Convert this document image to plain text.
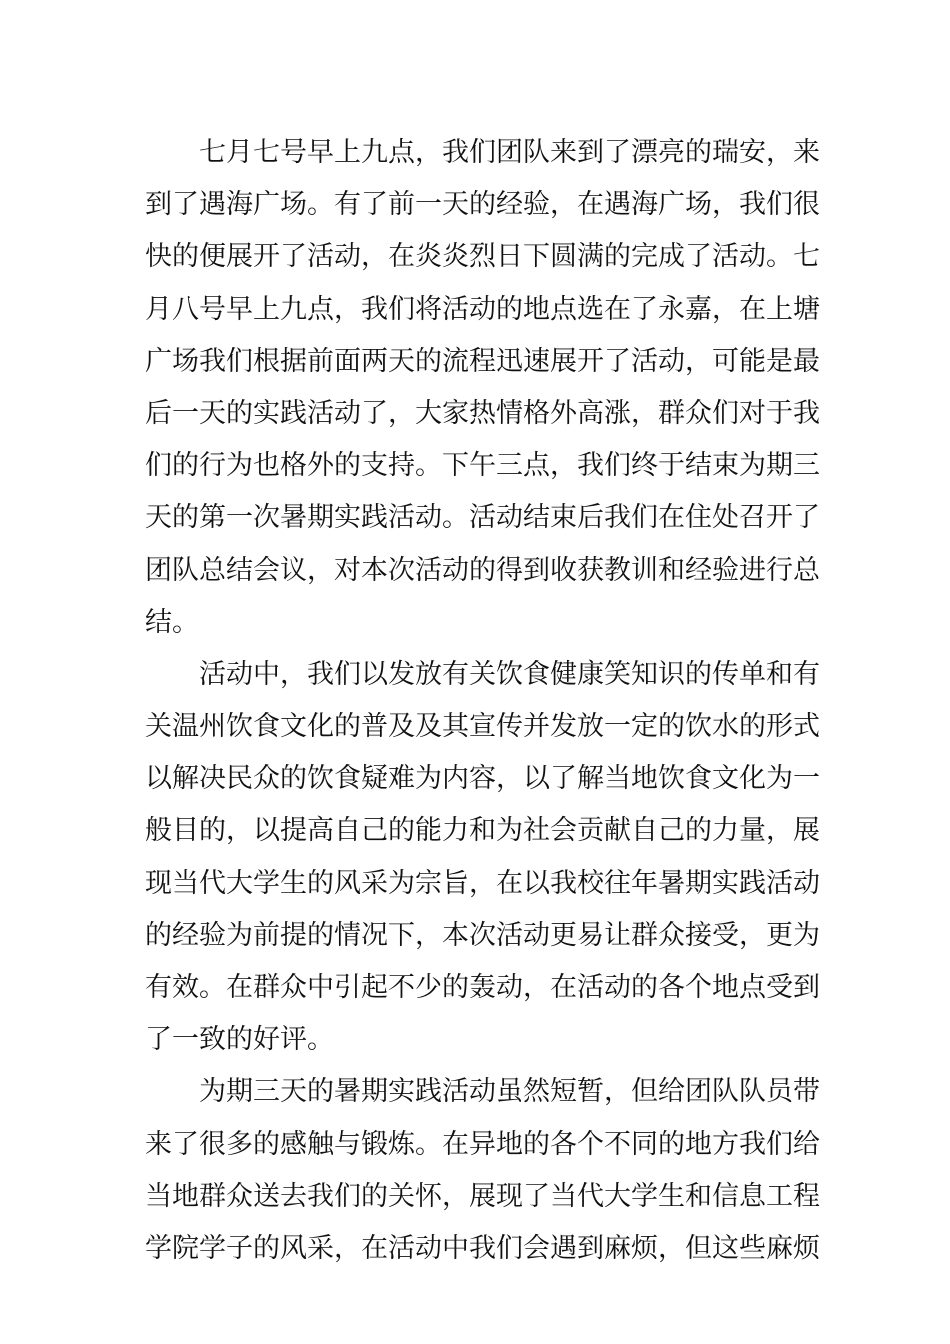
七月七号早上九点，我们团队来到了漂亮的瑞安，来
到了遇海广场。有了前一天的经验，在遇海广场，我们很
快的便展开了活动，在炎炎烈日下圆满的完成了活动。七
月八号早上九点，我们将活动的地点选在了永嘉，在上塘
广场我们根据前面两天的流程迅速展开了活动，可能是最
后一天的实践活动了，大家热情格外高涨，群众们对于我
们的行为也格外的支持。下午三点，我们终于结束为期三
天的第一次暑期实践活动。活动结束后我们在住处召开了
团队总结会议，对本次活动的得到收获教训和经验进行总
结。
活动中，我们以发放有关饮食健康笑知识的传单和有
关温州饮食文化的普及及其宣传并发放一定的饮水的形式
以解决民众的饮食疑难为内容，以了解当地饮食文化为一
般目的，以提高自己的能力和为社会贡献自己的力量，展
现当代大学生的风采为宗旨，在以我校往年暑期实践活动
的经验为前提的情况下，本次活动更易让群众接受，更为
有效。在群众中引起不少的轰动，在活动的各个地点受到
了一致的好评。
为期三天的暑期实践活动虽然短暂，但给团队队员带
来了很多的感触与锻炼。在异地的各个不同的地方我们给
当地群众送去我们的关怀，展现了当代大学生和信息工程
学院学子的风采，在活动中我们会遇到麻烦，但这些麻烦
